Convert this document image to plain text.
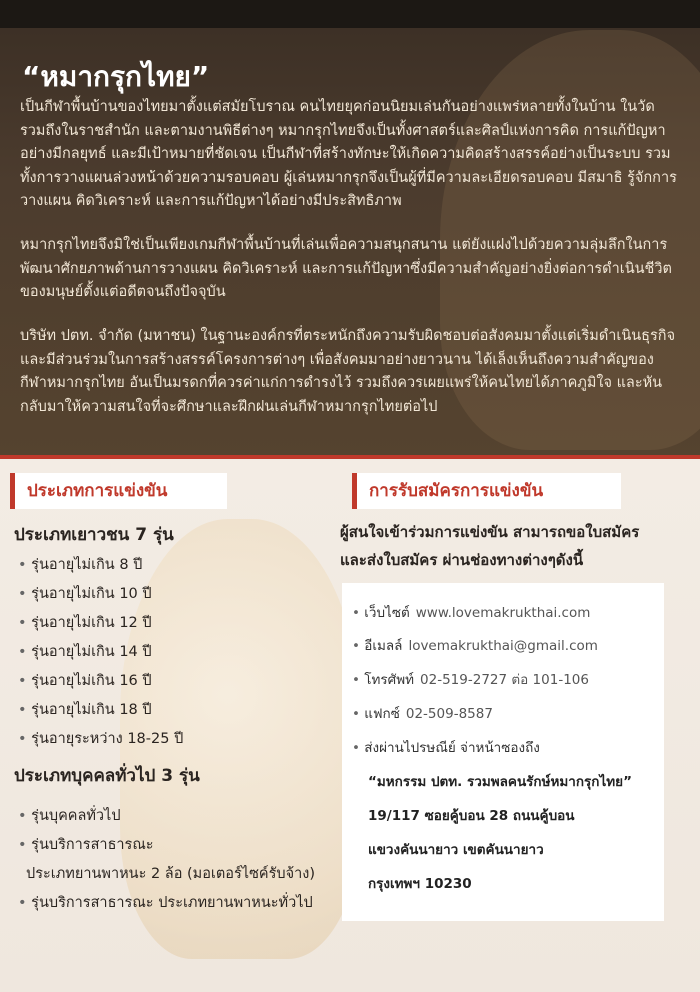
“หมากรุกไทย”

เป็นกีฬาพื้นบ้านของไทยมาตั้งแต่สมัยโบราณ คนไทยยุคก่อนนิยมเล่นกันอย่างแพร่หลายทั้งในบ้าน ในวัด รวมถึงในราชสำนัก และตามงานพิธีต่างๆ หมากรุกไทยจึงเป็นทั้งศาสตร์และศิลป์แห่งการคิด การแก้ปัญหาอย่างมีกลยุทธ์ และมีเป้าหมายที่ชัดเจน เป็นกีฬาที่สร้างทักษะให้เกิดความคิดสร้างสรรค์อย่างเป็นระบบ รวมทั้งการวางแผนล่วงหน้าด้วยความรอบคอบ ผู้เล่นหมากรุกจึงเป็นผู้ที่มีความละเอียดรอบคอบ มีสมาธิ รู้จักการวางแผน คิดวิเคราะห์ และการแก้ปัญหาได้อย่างมีประสิทธิภาพ

หมากรุกไทยจึงมิใช่เป็นเพียงเกมกีฬาพื้นบ้านที่เล่นเพื่อความสนุกสนาน แต่ยังแฝงไปด้วยความลุ่มลึกในการพัฒนาศักยภาพด้านการวางแผน คิดวิเคราะห์ และการแก้ปัญหาซึ่งมีความสำคัญอย่างยิ่งต่อการดำเนินชีวิตของมนุษย์ตั้งแต่อดีตจนถึงปัจจุบัน

บริษัท ปตท. จำกัด (มหาชน) ในฐานะองค์กรที่ตระหนักถึงความรับผิดชอบต่อสังคมมาตั้งแต่เริ่มดำเนินธุรกิจ และมีส่วนร่วมในการสร้างสรรค์โครงการต่างๆ เพื่อสังคมมาอย่างยาวนาน ได้เล็งเห็นถึงความสำคัญของกีฬาหมากรุกไทย อันเป็นมรดกที่ควรค่าแก่การดำรงไว้ รวมถึงควรเผยแพร่ให้คนไทยได้ภาคภูมิใจ และหันกลับมาให้ความสนใจที่จะศึกษาและฝึกฝนเล่นกีฬาหมากรุกไทยต่อไป

ประเภทการแข่งขัน
ประเภทเยาวชน 7 รุ่น
• รุ่นอายุไม่เกิน 8 ปี
• รุ่นอายุไม่เกิน 10 ปี
• รุ่นอายุไม่เกิน 12 ปี
• รุ่นอายุไม่เกิน 14 ปี
• รุ่นอายุไม่เกิน 16 ปี
• รุ่นอายุไม่เกิน 18 ปี
• รุ่นอายุระหว่าง 18-25 ปี
ประเภทบุคคลทั่วไป 3 รุ่น
• รุ่นบุคคลทั่วไป
• รุ่นบริการสาธารณะ
ประเภทยานพาหนะ 2 ล้อ (มอเตอร์ไซค์รับจ้าง)
• รุ่นบริการสาธารณะ ประเภทยานพาหนะทั่วไป
การรับสมัครการแข่งขัน
ผู้สนใจเข้าร่วมการแข่งขัน สามารถขอใบสมัคร
และส่งใบสมัคร ผ่านช่องทางต่างๆดังนี้
• เว็บไซต์ www.lovemakrukthai.com
• อีเมลล์ lovemakrukthai@gmail.com
• โทรศัพท์ 02-519-2727 ต่อ 101-106
• แฟกซ์ 02-509-8587
• ส่งผ่านไปรษณีย์ จ่าหน้าซองถึง
“มหกรรม ปตท. รวมพลคนรักษ์หมากรุกไทย”
19/117 ซอยคู้บอน 28 ถนนคู้บอน
แขวงคันนายาว เขตคันนายาว
กรุงเทพฯ 10230
